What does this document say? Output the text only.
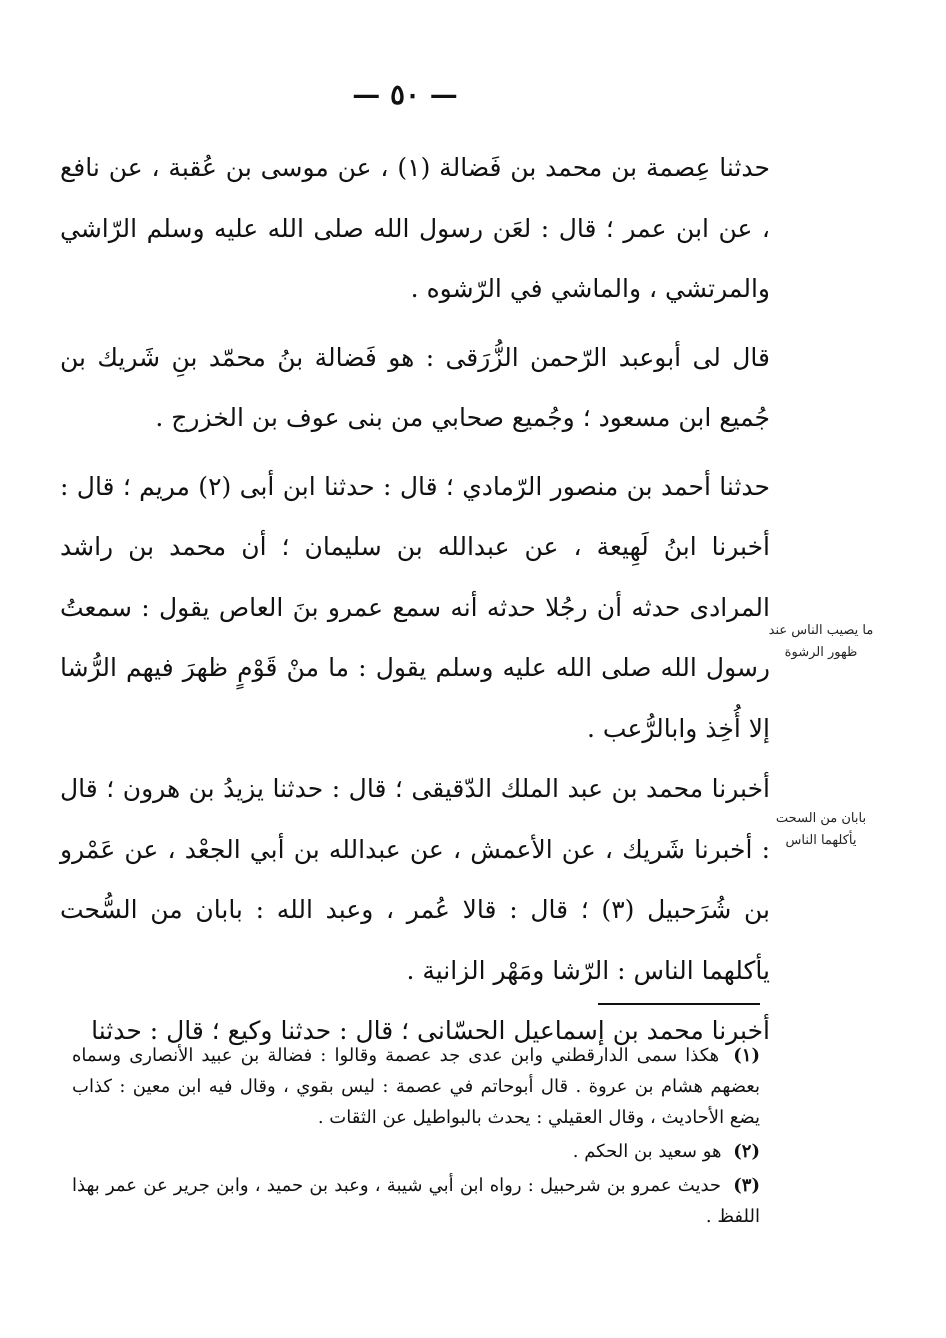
— ٥٠ —

حدثنا عِصمة بن محمد بن فَضالة (١) ، عن موسى بن عُقبة ، عن نافع ، عن ابن عمر ؛ قال : لعَن رسول الله صلى الله عليه وسلم الرّاشي والمرتشي ، والماشي في الرّشوه .

قال لى أبوعبد الرّحمن الزُّرَقى : هو فَضالة بنُ محمّد بنِ شَريك بن جُميع ابن مسعود ؛ وجُميع صحابي من بنى عوف بن الخزرج .

حدثنا أحمد بن منصور الرّمادي ؛ قال : حدثنا ابن أبى (٢) مريم ؛ قال : أخبرنا ابنُ لَهِيعة ، عن عبدالله بن سليمان ؛ أن محمد بن راشد المرادى حدثه أن رجُلا حدثه أنه سمع عمرو بنَ العاص يقول : سمعتُ رسول الله صلى الله عليه وسلم يقول : ما منْ قَوْمٍ ظهرَ فيهم الرُّشا إلا أُخِذ وابالرُّعب .

أخبرنا محمد بن عبد الملك الدّقيقى ؛ قال : حدثنا يزيدُ بن هرون ؛ قال : أخبرنا شَريك ، عن الأعمش ، عن عبدالله بن أبي الجعْد ، عن عَمْرو بن شُرَحبيل (٣) ؛ قال : قالا عُمر ، وعبد الله : بابان من السُّحت يأكلهما الناس : الرّشا ومَهْر الزانية .

أخبرنا محمد بن إسماعيل الحسّانى ؛ قال : حدثنا وكيع ؛ قال : حدثنا

ما يصيب الناس عند ظهور الرشوة
بابان من السحت يأكلهما الناس

(١) هكذا سمى الدارقطني وابن عدى جد عصمة وقالوا : فضالة بن عبيد الأنصارى وسماه بعضهم هشام بن عروة . قال أبوحاتم في عصمة : ليس بقوي ، وقال فيه ابن معين : كذاب يضع الأحاديث ، وقال العقيلي : يحدث بالبواطيل عن الثقات .

(٢) هو سعيد بن الحكم .

(٣) حديث عمرو بن شرحبيل : رواه ابن أبي شيبة ، وعبد بن حميد ، وابن جرير عن عمر بهذا اللفظ .
